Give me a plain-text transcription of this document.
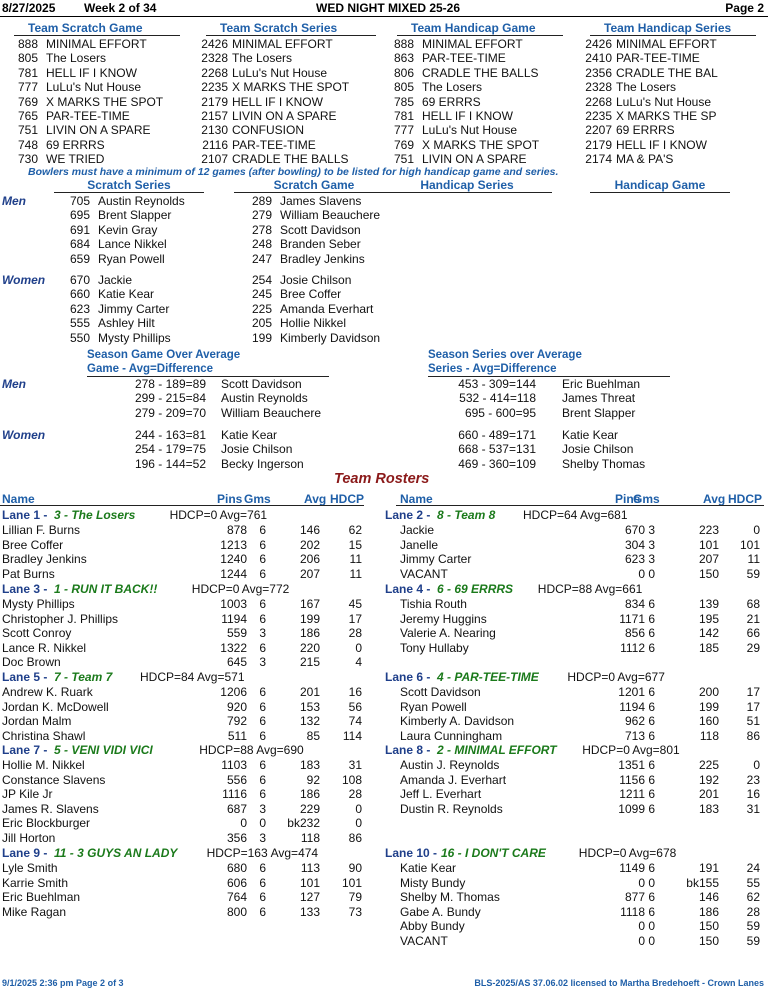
8/27/2025 Week 2 of 34	WED NIGHT MIXED 25-26	Page 2
Team Scratch Game
888 MINIMAL EFFORT
805 The Losers
781 HELL IF I KNOW
777 LuLu's Nut House
769 X MARKS THE SPOT
765 PAR-TEE-TIME
751 LIVIN ON A SPARE
748 69 ERRRS
730 WE TRIED
Team Scratch Series
2426 MINIMAL EFFORT
2328 The Losers
2268 LuLu's Nut House
2235 X MARKS THE SPOT
2179 HELL IF I KNOW
2157 LIVIN ON A SPARE
2130 CONFUSION
2116 PAR-TEE-TIME
2107 CRADLE THE BALLS
Team Handicap Game
888 MINIMAL EFFORT
863 PAR-TEE-TIME
806 CRADLE THE BALLS
805 The Losers
785 69 ERRRS
781 HELL IF I KNOW
777 LuLu's Nut House
769 X MARKS THE SPOT
751 LIVIN ON A SPARE
Team Handicap Series
2426 MINIMAL EFFORT
2410 PAR-TEE-TIME
2356 CRADLE THE BAL
2328 The Losers
2268 LuLu's Nut House
2235 X MARKS THE SP
2207 69 ERRRS
2179 HELL IF I KNOW
2174 MA & PA'S
Bowlers must have a minimum of 12 games (after bowling) to be listed for high handicap game and series.
Scratch Series	Scratch Game	Handicap Series	Handicap Game
Men
Women
705 Austin Reynolds
695 Brent Slapper
691 Kevin Gray
684 Lance Nikkel
659 Ryan Powell
289 James Slavens
279 William Beauchere
278 Scott Davidson
248 Branden Seber
247 Bradley Jenkins
670 Jackie
660 Katie Kear
623 Jimmy Carter
555 Ashley Hilt
550 Mysty Phillips
254 Josie Chilson
245 Bree Coffer
225 Amanda Everhart
205 Hollie Nikkel
199 Kimberly Davidson
Season Game Over Average
Game - Avg=Difference
Season Series over Average
Series - Avg=Difference
Men
Women
278 - 189=89 Scott Davidson
299 - 215=84 Austin Reynolds
279 - 209=70 William Beauchere
453 - 309=144 Eric Buehlman
532 - 414=118 James Threat
695 - 600=95 Brent Slapper
244 - 163=81 Katie Kear
254 - 179=75 Josie Chilson
196 - 144=52 Becky Ingerson
660 - 489=171 Katie Kear
668 - 537=131 Josie Chilson
469 - 360=109 Shelby Thomas
Team Rosters
Name	Pins Gms	Avg HDCP
Lane 1 - 3 - The Losers	HDCP=0 Avg=761
Lillian F. Burns	878	6	146	62
Bree Coffer	1213	6	202	15
Bradley Jenkins	1240	6	206	11
Pat Burns	1244	6	207	11
Lane 3 - 1 - RUN IT BACK!!	HDCP=0 Avg=772
Mysty Phillips	1003	6	167	45
Christopher J. Phillips	1194	6	199	17
Scott Conroy	559	3	186	28
Lance R. Nikkel	1322	6	220	0
Doc Brown	645	3	215	4
Lane 5 - 7 - Team 7 HDCP=84 Avg=571
Andrew K. Ruark	1206	6	201	16
Jordan K. McDowell	920	6	153	56
Jordan Malm	792	6	132	74
Christina Shawl	511	6	85	114
Lane 7 - 5 - VENI VIDI VICI	HDCP=88 Avg=690
Hollie M. Nikkel	1103	6	183	31
Constance Slavens	556	6	92	108
JP Kile Jr	1116	6	186	28
James R. Slavens	687	3	229	0
Eric Blockburger	0	0	bk232	0
Jill Horton	356	3	118	86
Lane 9 - 11 - 3 GUYS AN LADY HDCP=163 Avg=474
Lyle Smith	680	6	113	90
Karrie Smith	606	6	101	101
Eric Buehlman	764	6	127	79
Mike Ragan	800	6	133	73
Name	Pins
Gms	Avg HDCP
Lane 2 - 8 - Team 8 HDCP=64 Avg=681
Jackie	670 3	223	0
Janelle	304 3	101	101
Jimmy Carter	623 3	207	11
VACANT	0 0	150	59
Lane 4 - 6 - 69 ERRRS HDCP=88 Avg=661
Tishia Routh	834 6	139	68
Jeremy Huggins	1171 6	195	21
Valerie A. Nearing	856 6	142	66
Tony Hullaby	1112 6	185	29
Lane 6 - 4 - PAR-TEE-TIME HDCP=0 Avg=677
Scott Davidson	1201 6	200	17
Ryan Powell	1194 6	199	17
Kimberly A. Davidson	962 6	160	51
Laura Cunningham	713 6	118	86
Lane 8 - 2 - MINIMAL EFFORT HDCP=0 Avg=801
Austin J. Reynolds	1351 6	225	0
Amanda J. Everhart	1156 6	192	23
Jeff L. Everhart	1211 6	201	16
Dustin R. Reynolds	1099 6	183	31
Lane 10 - 16 - I DON'T CARE	HDCP=0 Avg=678
Katie Kear	1149 6	191	24
Misty Bundy	0 0	bk155	55
Shelby M. Thomas	877 6	146	62
Gabe A. Bundy	1118 6	186	28
Abby Bundy	0 0	150	59
VACANT	0 0	150	59
9/1/2025 2:36 pm Page 2 of 3	BLS-2025/AS 37.06.02 licensed to Martha Bredehoeft - Crown Lanes
